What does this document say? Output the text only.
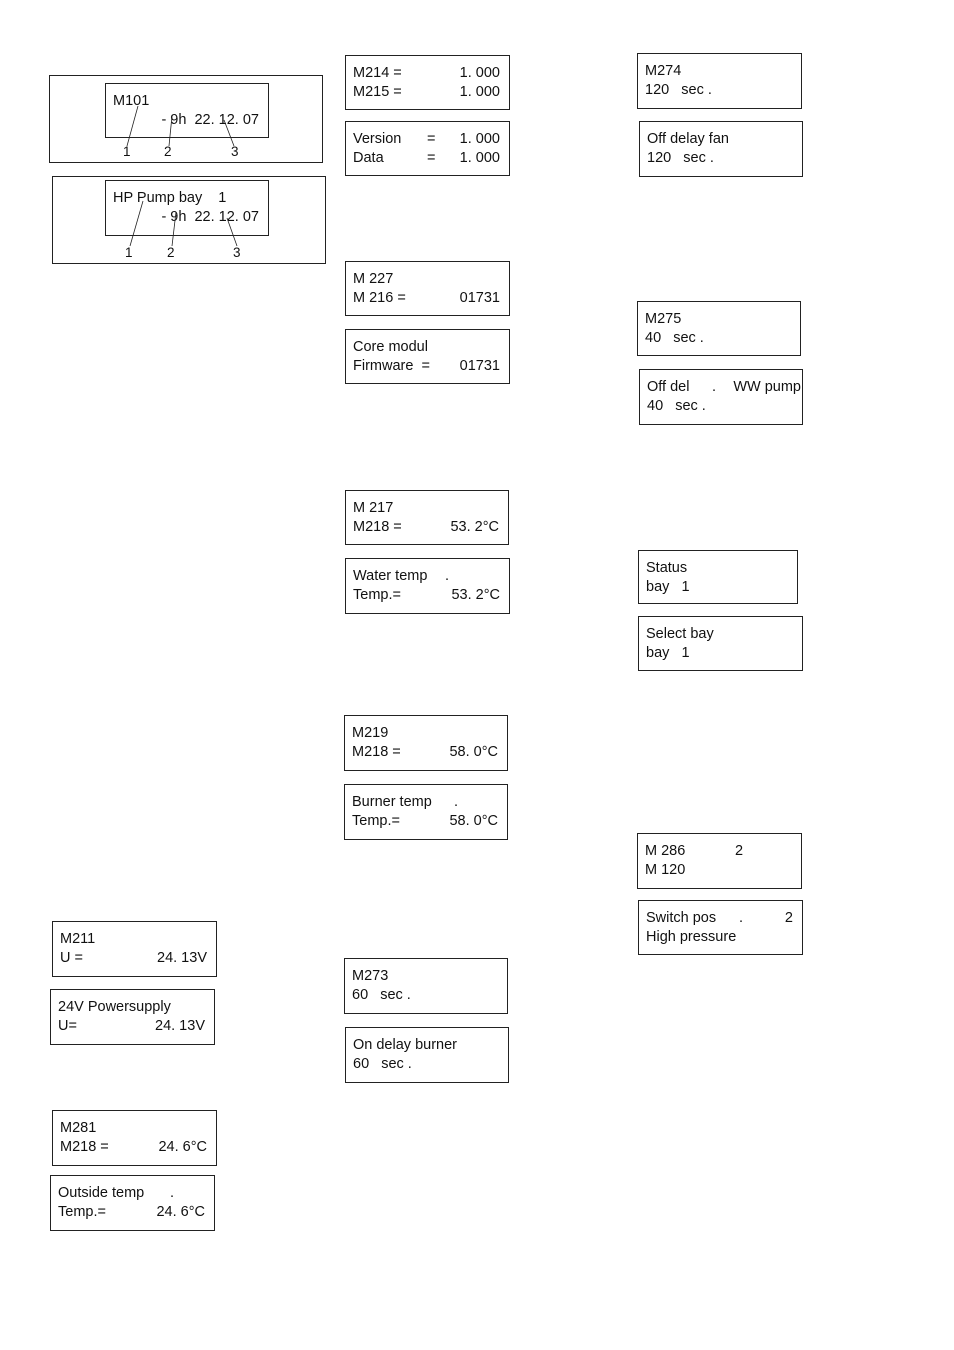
M101
- 9h  22. 12. 07
1 2	3
HP Pump bay    1
- 9h  22. 12. 07
1	2	3
M211
U =	24. 13V
24V Powersupply
U=	24. 13V
M281
M218 =	24. 6°C
Outside temp .
Temp.=	24. 6°C
M214 =	1. 000
M215 =	1. 000
Version = 1. 000
Data	= 1. 000
M 227
M 216 =	01731
Core modul
Firmware  = 01731
M 217
M218 =	53. 2°C
Water temp .
Temp.=	53. 2°C
M219
M218 =	58. 0°C
Burner temp .
Temp.=	58. 0°C
M273
60   sec .
On delay burner
60   sec .
M274
120   sec .
Off delay fan
120   sec .
M275
40   sec .
Off del . WW pump
40   sec .
Status
bay   1
Select bay
bay   1
M 286	2
M 120
Switch pos .	2
High pressure
